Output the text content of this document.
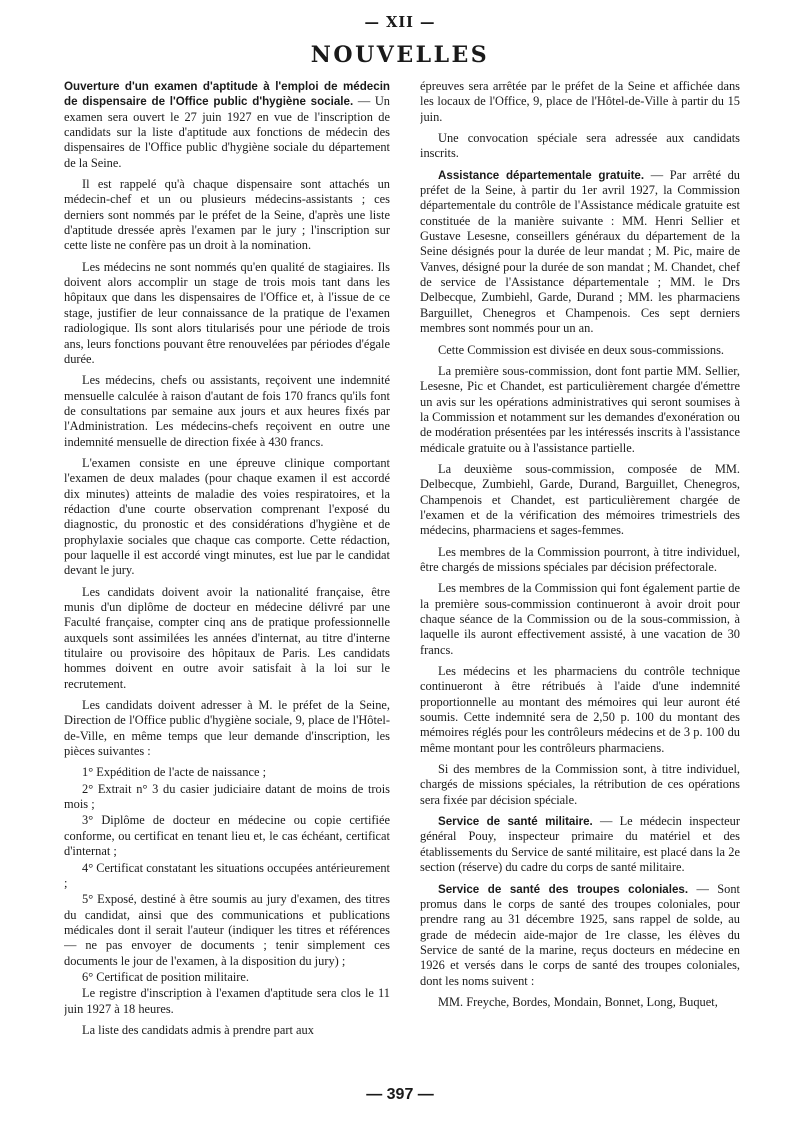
— XII —
NOUVELLES

Ouverture d'un examen d'aptitude à l'emploi de médecin de dispensaire de l'Office public d'hygiène sociale. — Un examen sera ouvert le 27 juin 1927 en vue de l'inscription de candidats sur la liste d'aptitude aux fonctions de médecin des dispensaires de l'Office public d'hygiène sociale du département de la Seine.

Il est rappelé qu'à chaque dispensaire sont attachés un médecin-chef et un ou plusieurs médecins-assistants ; ces derniers sont nommés par le préfet de la Seine, d'après une liste d'aptitude dressée après l'examen par le jury ; l'inscription sur cette liste ne confère pas un droit à la nomination.

Les médecins ne sont nommés qu'en qualité de stagiaires. Ils doivent alors accomplir un stage de trois mois tant dans les hôpitaux que dans les dispensaires de l'Office et, à l'issue de ce stage, justifier de leur connaissance de la pratique de l'examen radiologique. Ils sont alors titularisés pour une période de trois ans, leurs fonctions pouvant être renouvelées par périodes d'égale durée.

Les médecins, chefs ou assistants, reçoivent une indemnité mensuelle calculée à raison d'autant de fois 170 francs qu'ils font de consultations par semaine aux jours et aux heures fixés par l'Administration. Les médecins-chefs reçoivent en outre une indemnité mensuelle de direction fixée à 430 francs.

L'examen consiste en une épreuve clinique comportant l'examen de deux malades (pour chaque examen il est accordé dix minutes) atteints de maladie des voies respiratoires, et la rédaction d'une courte observation comprenant l'exposé du diagnostic, du pronostic et des considérations d'hygiène et de prophylaxie sociales que chaque cas comporte. Cette rédaction, pour laquelle il est accordé vingt minutes, est lue par le candidat devant le jury.

Les candidats doivent avoir la nationalité française, être munis d'un diplôme de docteur en médecine délivré par une Faculté française, compter cinq ans de pratique professionnelle auxquels sont assimilées les années d'internat, au titre d'interne titulaire ou provisoire des hôpitaux de Paris. Les candidats hommes doivent en outre avoir satisfait à la loi sur le recrutement.

Les candidats doivent adresser à M. le préfet de la Seine, Direction de l'Office public d'hygiène sociale, 9, place de l'Hôtel-de-Ville, en même temps que leur demande d'inscription, les pièces suivantes :

1° Expédition de l'acte de naissance ;

2° Extrait n° 3 du casier judiciaire datant de moins de trois mois ;

3° Diplôme de docteur en médecine ou copie certifiée conforme, ou certificat en tenant lieu et, le cas échéant, certificat d'internat ;

4° Certificat constatant les situations occupées antérieurement ;

5° Exposé, destiné à être soumis au jury d'examen, des titres du candidat, ainsi que des communications et publications médicales dont il serait l'auteur (indiquer les titres et références — ne pas envoyer de documents ; tenir simplement ces documents le jour de l'examen, à la disposition du jury) ;

6° Certificat de position militaire.

Le registre d'inscription à l'examen d'aptitude sera clos le 11 juin 1927 à 18 heures.

La liste des candidats admis à prendre part aux

épreuves sera arrêtée par le préfet de la Seine et affichée dans les locaux de l'Office, 9, place de l'Hôtel-de-Ville à partir du 15 juin.

Une convocation spéciale sera adressée aux candidats inscrits.

Assistance départementale gratuite. — Par arrêté du préfet de la Seine, à partir du 1er avril 1927, la Commission départementale du contrôle de l'Assistance médicale gratuite est constituée de la manière suivante : MM. Henri Sellier et Gustave Lesesne, conseillers généraux du département de la Seine désignés pour la durée de leur mandat ; M. Pic, maire de Vanves, désigné pour la durée de son mandat ; M. Chandet, chef de service de l'Assistance départementale ; MM. le Drs Delbecque, Zumbiehl, Garde, Durand ; MM. les pharmaciens Barguillet, Chenegros et Champenois. Ces sept derniers membres sont nommés pour un an.

Cette Commission est divisée en deux sous-commissions.

La première sous-commission, dont font partie MM. Sellier, Lesesne, Pic et Chandet, est particulièrement chargée d'émettre un avis sur les opérations administratives qui seront soumises à la Commission et notamment sur les demandes d'exonération ou de modération présentées par les intéressés inscrits à l'assistance médicale gratuite ou à l'assistance partielle.

La deuxième sous-commission, composée de MM. Delbecque, Zumbiehl, Garde, Durand, Barguillet, Chenegros, Champenois et Chandet, est particulièrement chargée de l'examen et de la vérification des mémoires trimestriels des médecins, pharmaciens et sages-femmes.

Les membres de la Commission pourront, à titre individuel, être chargés de missions spéciales par décision préfectorale.

Les membres de la Commission qui font également partie de la première sous-commission continueront à avoir droit pour chaque séance de la Commission ou de la sous-commission, à laquelle ils auront effectivement assisté, à une vacation de 30 francs.

Les médecins et les pharmaciens du contrôle technique continueront à être rétribués à l'aide d'une indemnité proportionnelle au montant des mémoires qui leur auront été soumis. Cette indemnité sera de 2,50 p. 100 du montant des mémoires réglés pour les contrôleurs médecins et de 3 p. 100 du même montant pour les contrôleurs pharmaciens.

Si des membres de la Commission sont, à titre individuel, chargés de missions spéciales, la rétribution de ces opérations sera fixée par décision spéciale.

Service de santé militaire. — Le médecin inspecteur général Pouy, inspecteur primaire du matériel et des établissements du Service de santé militaire, est placé dans la 2e section (réserve) du cadre du corps de santé militaire.

Service de santé des troupes coloniales. — Sont promus dans le corps de santé des troupes coloniales, pour prendre rang au 31 décembre 1925, sans rappel de solde, au grade de médecin aide-major de 1re classe, les élèves du Service de santé de la marine, reçus docteurs en médecine en 1926 et versés dans le corps de santé des troupes coloniales, dont les noms suivent :

MM. Freyche, Bordes, Mondain, Bonnet, Long, Buquet,

— 397 —
